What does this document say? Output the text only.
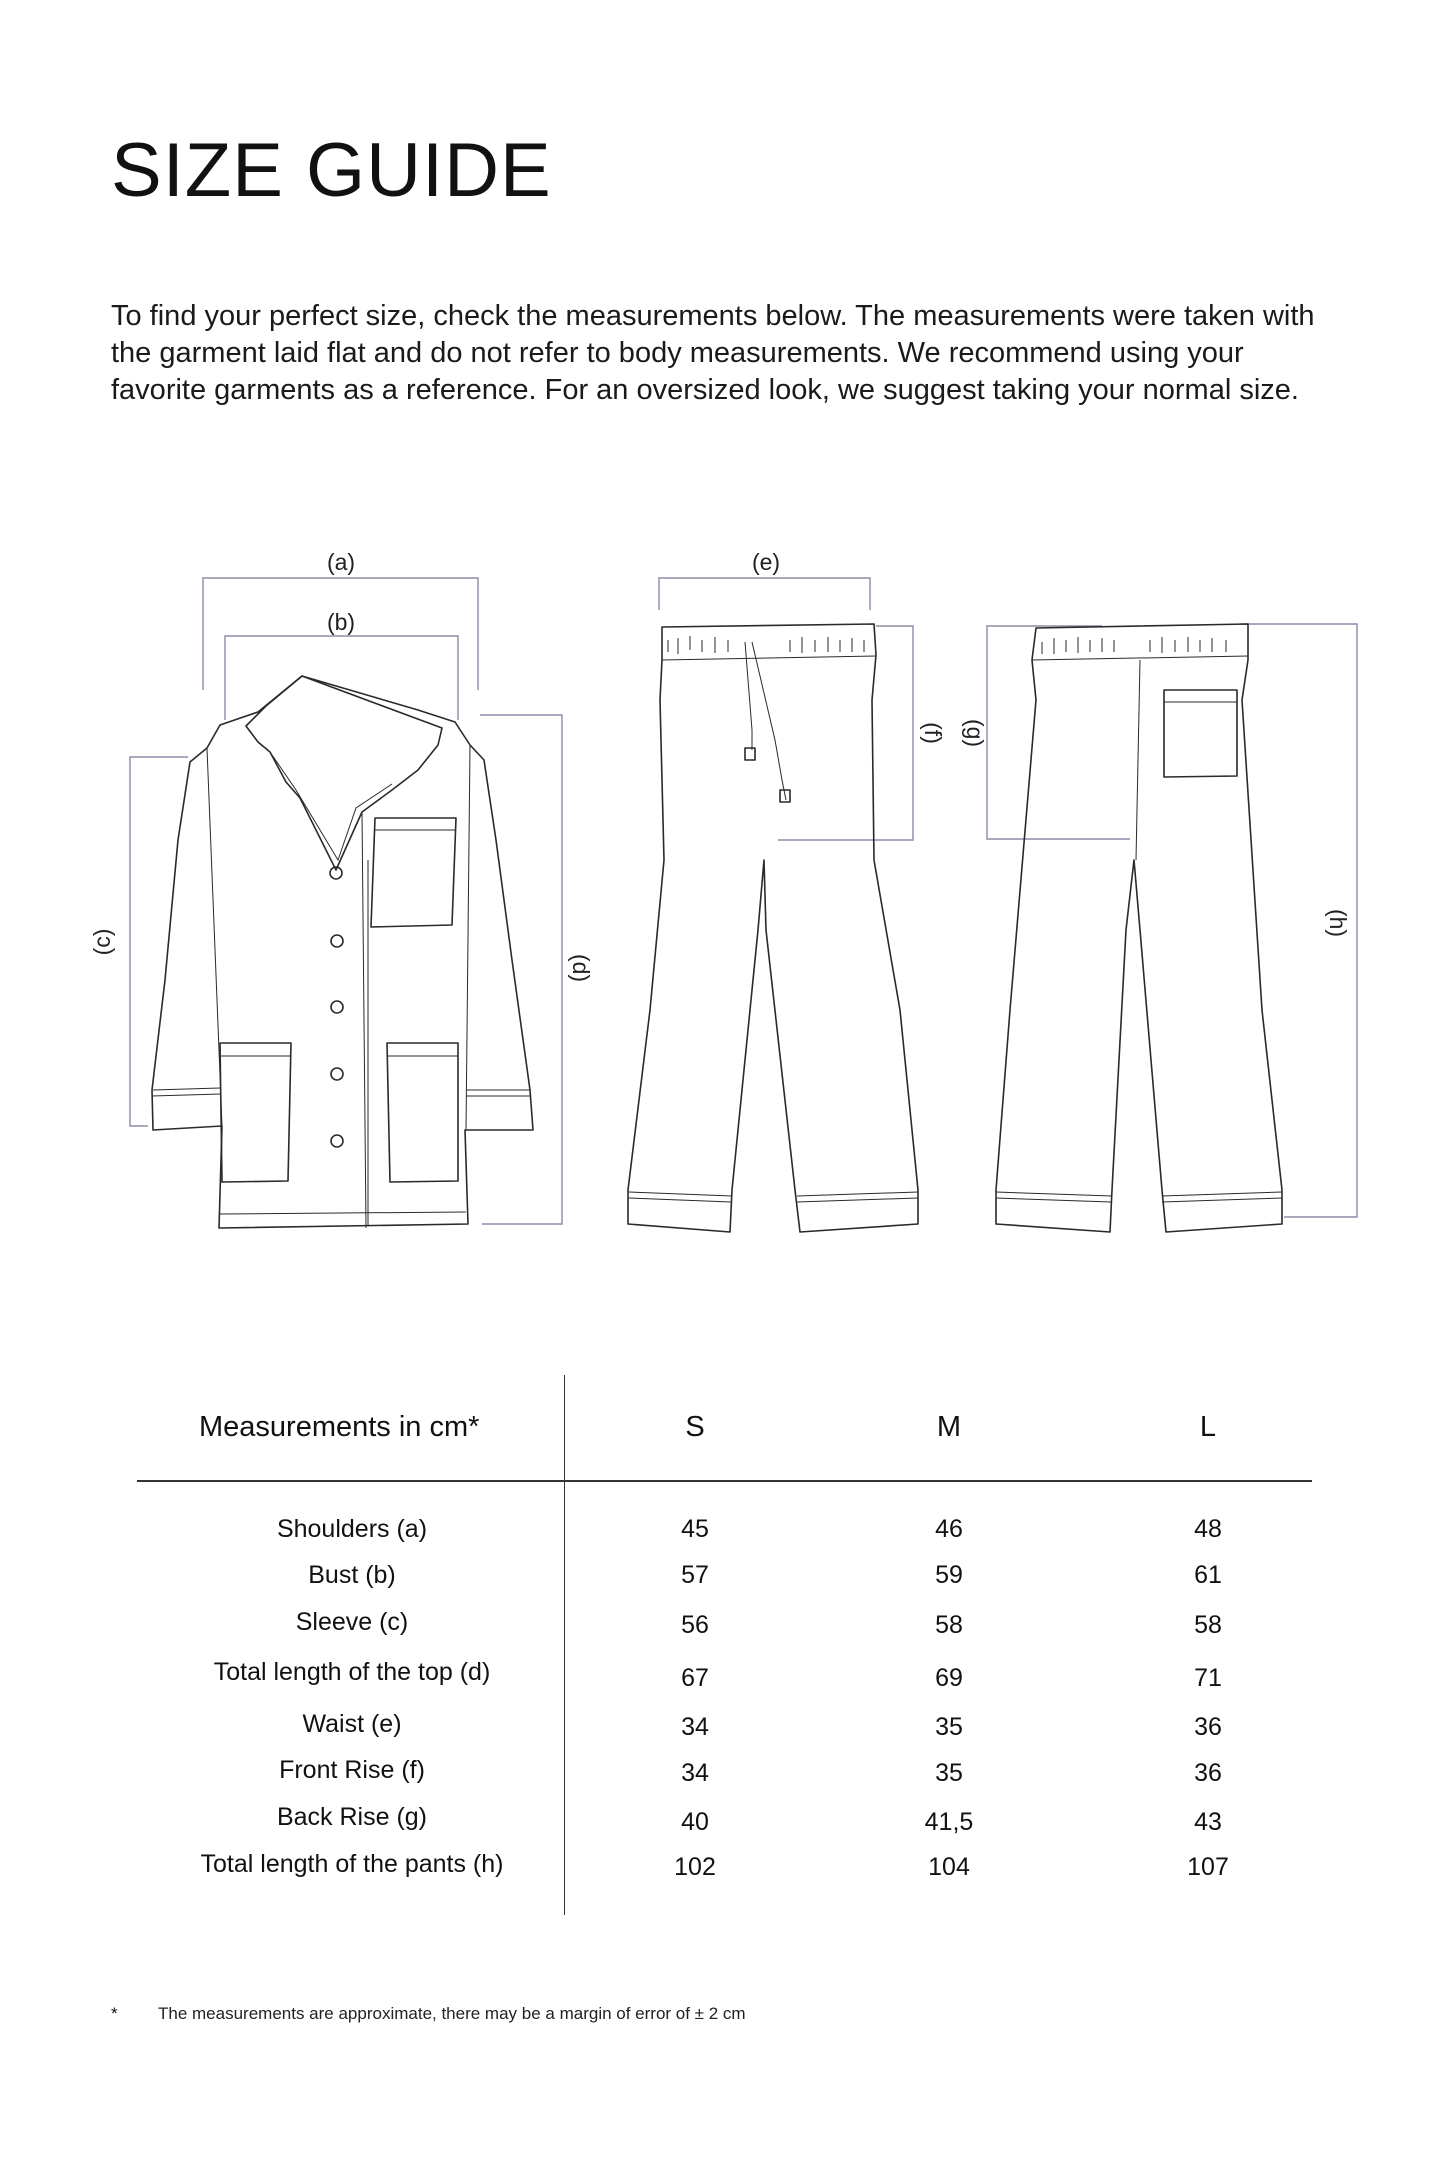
SIZE GUIDE

To find your perfect size, check the measurements below. The measurements were taken with the garment laid flat and do not refer to body measurements. We recommend using your favorite garments as a reference. For an oversized look, we suggest taking your normal size.

(a)
(b)
(c)
(d)
(e)
(f) (g)
(h)
Measurements in cm*	S	M	L
Shoulders (a)	45	46	48
Bust (b)	57	59	61
Sleeve (c)	56	58	58
Total length of the top (d)	67	69	71
Waist (e)	34	35	36
Front Rise (f)	34	35	36
Back Rise (g)	40	41,5	43
Total length of the pants (h)	102	104	107
* The measurements are approximate, there may be a margin of error of ± 2 cm
